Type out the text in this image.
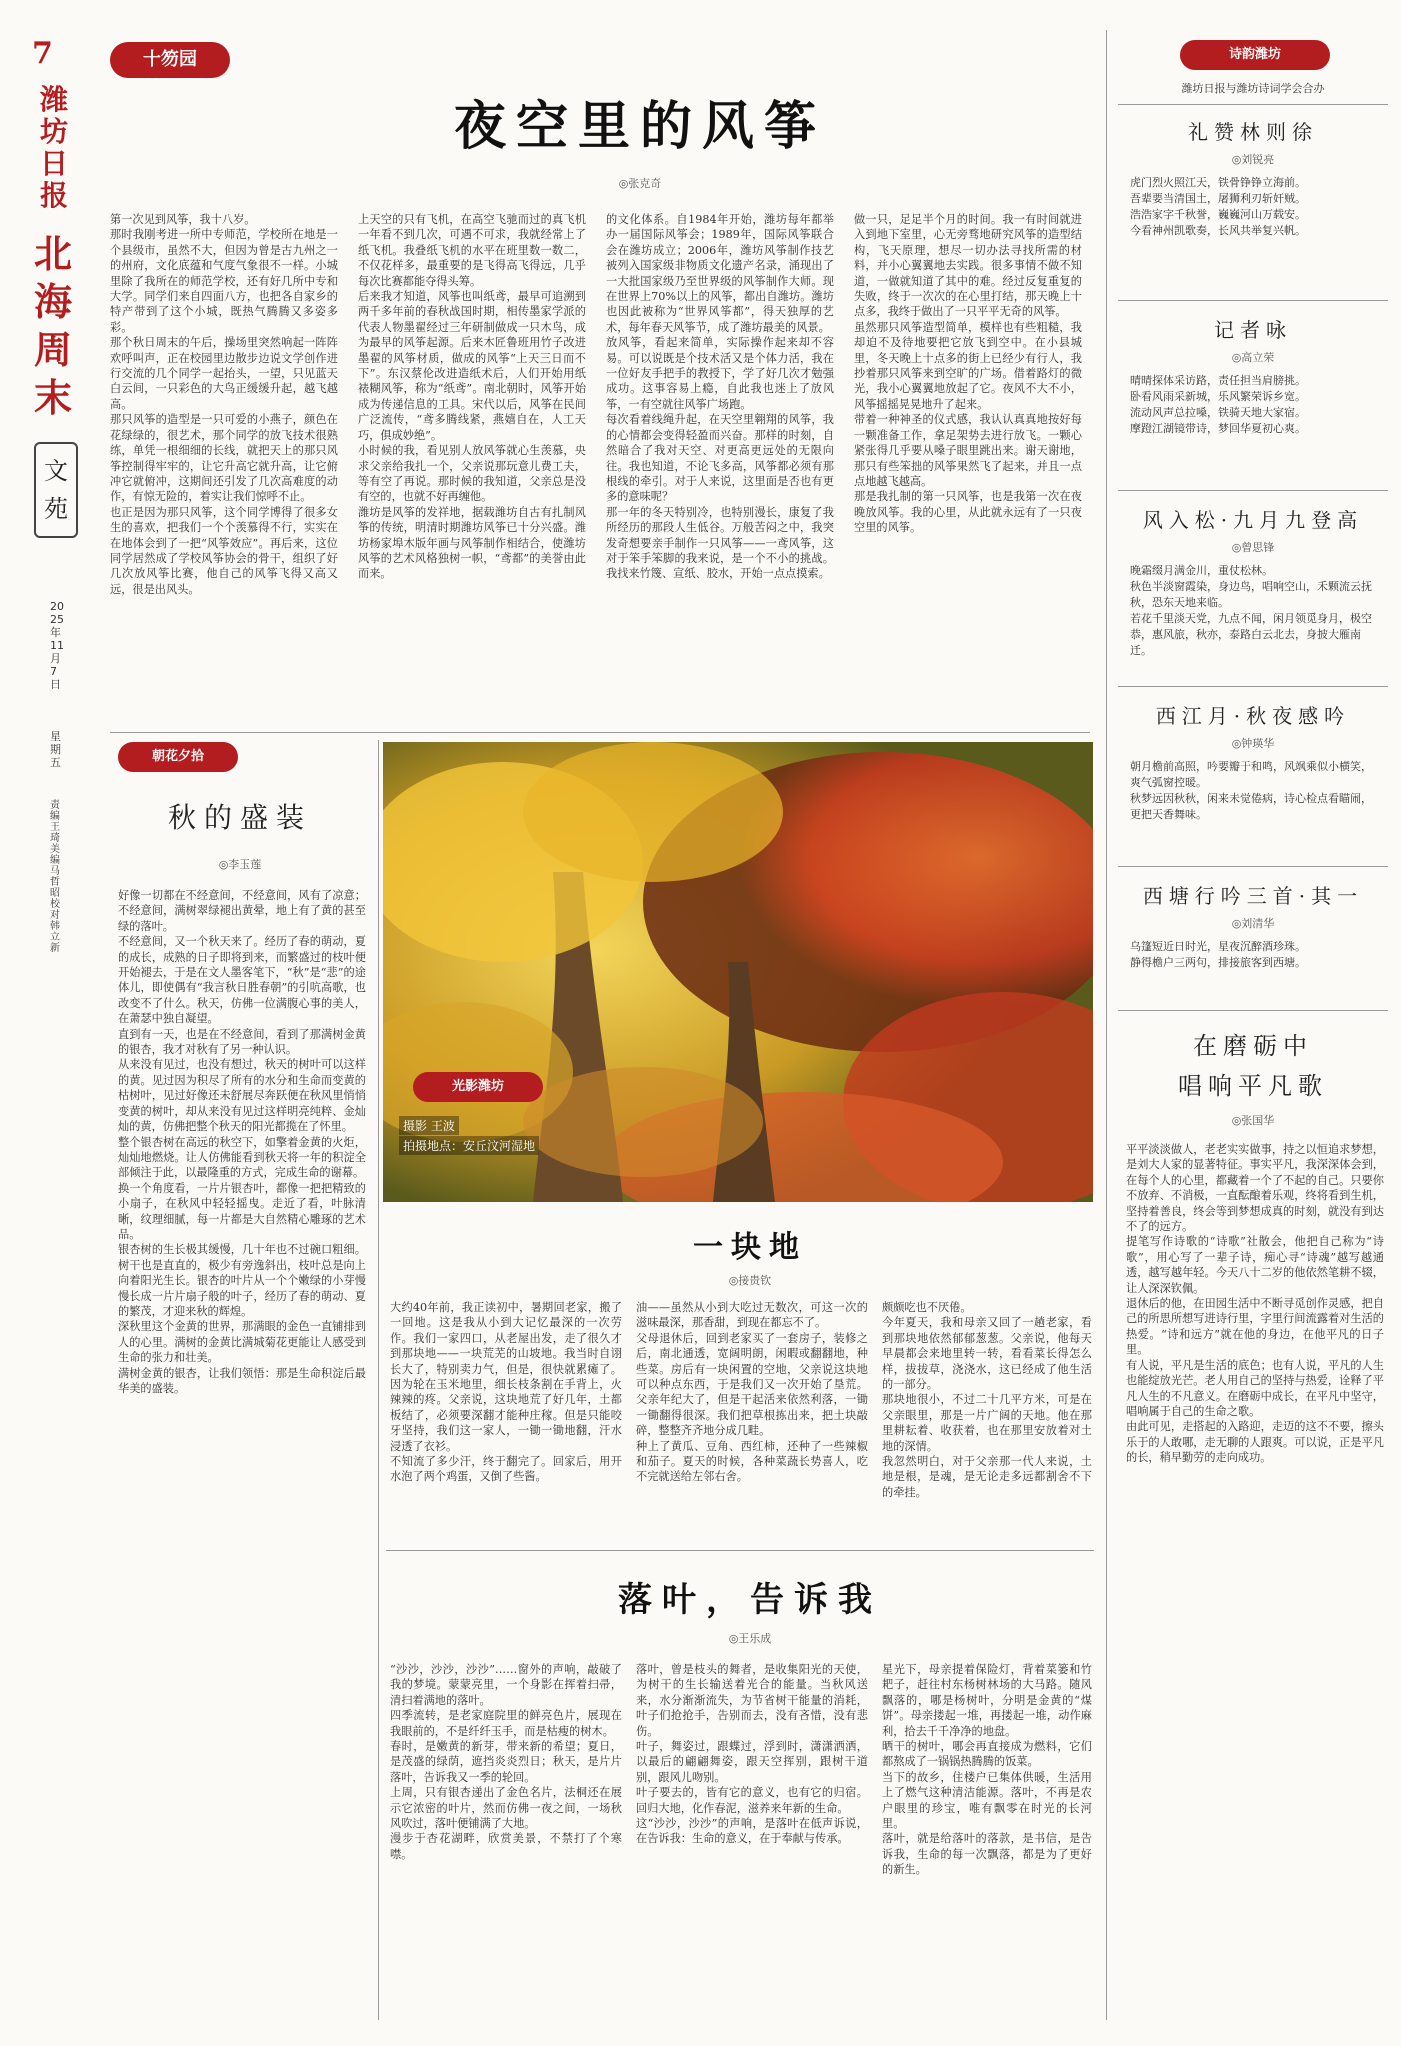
7
潍坊日报
北海周末
文苑
2025年11月7日
星期五
责编 王琦 美编 马哲昭 校对 韩立新
十笏园
夜空里的风筝
◎张克奇
第一次见到风筝，我十八岁。
那时我刚考进一所中专师范，学校所在地是一个县级市，虽然不大，但因为曾是古九州之一的州府，文化底蕴和气度气象很不一样。小城里除了我所在的师范学校，还有好几所中专和大学。同学们来自四面八方，也把各自家乡的特产带到了这个小城，既热气腾腾又多姿多彩。
那个秋日周末的午后，操场里突然响起一阵阵欢呼叫声，正在校园里边散步边说文学创作进行交流的几个同学一起抬头，一望，只见蓝天白云间，一只彩色的大鸟正缓缓升起，越飞越高。
那只风筝的造型是一只可爱的小燕子，颜色在花绿绿的，很艺术，那个同学的放飞技术很熟练，单凭一根细细的长线，就把天上的那只风筝控制得牢牢的，让它升高它就升高，让它俯冲它就俯冲，这期间还引发了几次高难度的动作，有惊无险的，着实让我们惊呼不止。
也正是因为那只风筝，这个同学博得了很多女生的喜欢，把我们一个个羡慕得不行，实实在在地体会到了一把“风筝效应”。再后来，这位同学居然成了学校风筝协会的骨干，组织了好几次放风筝比赛，他自己的风筝飞得又高又远，很是出风头。
上天空的只有飞机，在高空飞驰而过的真飞机一年看不到几次，可遇不可求，我就经常上了纸飞机。我叠纸飞机的水平在班里数一数二，不仅花样多，最重要的是飞得高飞得远，几乎每次比赛都能夺得头筹。
后来我才知道，风筝也叫纸鸢，最早可追溯到两千多年前的春秋战国时期，相传墨家学派的代表人物墨翟经过三年研制做成一只木鸟，成为最早的风筝起源。后来木匠鲁班用竹子改进墨翟的风筝材质，做成的风筝“上天三日而不下”。东汉蔡伦改进造纸术后，人们开始用纸裱糊风筝，称为“纸鸢”。南北朝时，风筝开始成为传递信息的工具。宋代以后，风筝在民间广泛流传，“鸢多腾线紧，燕嬉自在，人工天巧，俱成妙绝”。
小时候的我，看见别人放风筝就心生羡慕，央求父亲给我扎一个，父亲说那玩意儿费工夫，等有空了再说。那时候的我知道，父亲总是没有空的，也就不好再缠他。
潍坊是风筝的发祥地，据载潍坊自古有扎制风筝的传统，明清时期潍坊风筝已十分兴盛。潍坊杨家埠木版年画与风筝制作相结合，使潍坊风筝的艺术风格独树一帜，“鸢都”的美誉由此而来。
的文化体系。自1984年开始，潍坊每年都举办一届国际风筝会；1989年，国际风筝联合会在潍坊成立；2006年，潍坊风筝制作技艺被列入国家级非物质文化遗产名录，涌现出了一大批国家级乃至世界级的风筝制作大师。现在世界上70%以上的风筝，都出自潍坊。潍坊也因此被称为“世界风筝都”，得天独厚的艺术，每年春天风筝节，成了潍坊最美的风景。
放风筝，看起来简单，实际操作起来却不容易。可以说既是个技术活又是个体力活，我在一位好友手把手的教授下，学了好几次才勉强成功。这事容易上瘾，自此我也迷上了放风筝，一有空就往风筝广场跑。
每次看着线绳升起，在天空里翱翔的风筝，我的心情都会变得轻盈而兴奋。那样的时刻，自然暗合了我对天空、对更高更远处的无限向往。我也知道，不论飞多高，风筝都必须有那根线的牵引。对于人来说，这里面是否也有更多的意味呢？
那一年的冬天特别冷，也特别漫长，康复了我所经历的那段人生低谷。万般苦闷之中，我突发奇想要亲手制作一只风筝——一鸢风筝，这对于笨手笨脚的我来说，是一个不小的挑战。我找来竹篾、宣纸、胶水，开始一点点摸索。
做一只，足足半个月的时间。我一有时间就进入到地下室里，心无旁骛地研究风筝的造型结构，飞天原理，想尽一切办法寻找所需的材料，并小心翼翼地去实践。很多事情不做不知道，一做就知道了其中的难。经过反复重复的失败，终于一次次的在心里打结，那天晚上十点多，我终于做出了一只平平无奇的风筝。
虽然那只风筝造型简单，模样也有些粗糙，我却迫不及待地要把它放飞到空中。在小县城里，冬天晚上十点多的街上已经少有行人，我抄着那只风筝来到空旷的广场。借着路灯的微光，我小心翼翼地放起了它。夜风不大不小，风筝摇摇晃晃地升了起来。
带着一种神圣的仪式感，我认认真真地按好每一颗准备工作，拿足架势去进行放飞。一颗心紧张得几乎要从嗓子眼里跳出来。谢天谢地，那只有些笨拙的风筝果然飞了起来，并且一点点地越飞越高。
那是我扎制的第一只风筝，也是我第一次在夜晚放风筝。我的心里，从此就永远有了一只夜空里的风筝。
朝花夕拾
秋的盛装
◎李玉莲
好像一切都在不经意间，不经意间，风有了凉意；不经意间，满树翠绿褪出黄晕，地上有了黄的甚至绿的落叶。
不经意间，又一个秋天来了。经历了春的萌动，夏的成长，成熟的日子即将到来，而繁盛过的枝叶便开始褪去，于是在文人墨客笔下，“秋”是“悲”的途体儿，即使偶有“我言秋日胜春朝”的引吭高歌，也改变不了什么。秋天，仿佛一位满腹心事的美人，在萧瑟中独自凝望。
直到有一天，也是在不经意间，看到了那满树金黄的银杏，我才对秋有了另一种认识。
从来没有见过，也没有想过，秋天的树叶可以这样的黄。见过因为积尽了所有的水分和生命而变黄的枯树叶，见过好像还未舒展尽奔跃便在秋风里悄悄变黄的树叶，却从来没有见过这样明亮纯粹、金灿灿的黄，仿佛把整个秋天的阳光都揽在了怀里。
整个银杏树在高远的秋空下，如擎着金黄的火炬，灿灿地燃烧。让人仿佛能看到秋天将一年的积淀全部倾注于此，以最隆重的方式，完成生命的谢幕。
换一个角度看，一片片银杏叶，都像一把把精致的小扇子，在秋风中轻轻摇曳。走近了看，叶脉清晰，纹理细腻，每一片都是大自然精心雕琢的艺术品。
银杏树的生长极其缓慢，几十年也不过碗口粗细。树干也是直直的，极少有旁逸斜出，枝叶总是向上向着阳光生长。银杏的叶片从一个个嫩绿的小芽慢慢长成一片片扇子般的叶子，经历了春的萌动、夏的繁茂，才迎来秋的辉煌。
深秋里这个金黄的世界，那满眼的金色一直铺排到人的心里。满树的金黄比满城菊花更能让人感受到生命的张力和壮美。
满树金黄的银杏，让我们领悟：那是生命积淀后最华美的盛装。
光影潍坊
摄影 王波
拍摄地点：安丘汶河湿地
一块地
◎接贵钦
大约40年前，我正读初中，暑期回老家，搬了一回地。这是我从小到大记忆最深的一次劳作。我们一家四口，从老屋出发，走了很久才到那块地——一块荒芜的山坡地。我当时自诩长大了，特别卖力气，但是，很快就累瘫了。因为轮在玉米地里，细长枝条割在手背上，火辣辣的疼。父亲说，这块地荒了好几年，土都板结了，必须要深翻才能种庄稼。但是只能咬牙坚持，我们这一家人，一锄一锄地翻，汗水浸透了衣衫。
不知流了多少汗，终于翻完了。回家后，用开水泡了两个鸡蛋，又倒了些酱。
油——虽然从小到大吃过无数次，可这一次的滋味最深，那香甜，到现在都忘不了。
父母退休后，回到老家买了一套房子，装修之后，南北通透，宽阔明朗，闲暇或翻翻地，种些菜。房后有一块闲置的空地，父亲说这块地可以种点东西，于是我们又一次开始了垦荒。父亲年纪大了，但是干起活来依然利落，一锄一锄翻得很深。我们把草根拣出来，把土块敲碎，整整齐齐地分成几畦。
种上了黄瓜、豆角、西红柿，还种了一些辣椒和茄子。夏天的时候，各种菜蔬长势喜人，吃不完就送给左邻右舍。
颇颇吃也不厌倦。
今年夏天，我和母亲又回了一趟老家，看到那块地依然郁郁葱葱。父亲说，他每天早晨都会来地里转一转，看看菜长得怎么样，拔拔草，浇浇水，这已经成了他生活的一部分。
那块地很小，不过二十几平方米，可是在父亲眼里，那是一片广阔的天地。他在那里耕耘着、收获着，也在那里安放着对土地的深情。
我忽然明白，对于父亲那一代人来说，土地是根，是魂，是无论走多远都割舍不下的牵挂。
落叶，告诉我
◎王乐成
“沙沙，沙沙，沙沙”……窗外的声响，敲破了我的梦境。蒙蒙亮里，一个身影在挥着扫帚，清扫着满地的落叶。
四季流转，是老家庭院里的鲜亮色片，展现在我眼前的，不是纤纤玉手，而是枯瘦的树木。
春时，是嫩黄的新芽，带来新的希望；夏日，是茂盛的绿荫，遮挡炎炎烈日；秋天，是片片落叶，告诉我又一季的轮回。
上周，只有银杏递出了金色名片，法桐还在展示它浓密的叶片，然而仿佛一夜之间，一场秋风吹过，落叶便铺满了大地。
漫步于杏花湖畔，欣赏美景，不禁打了个寒噤。
落叶，曾是枝头的舞者，是收集阳光的天使，为树干的生长输送着光合的能量。当秋风送来，水分渐渐流失，为节省树干能量的消耗，叶子们抢抢手，告别而去，没有吝惜，没有悲伤。
叶子，舞姿过，跟蝶过，浮到时，潇潇洒洒，以最后的翩翩舞姿，跟天空挥别，跟树干道别，跟风儿吻别。
叶子要去的，皆有它的意义，也有它的归宿。回归大地，化作春泥，滋养来年新的生命。
这“沙沙，沙沙”的声响，是落叶在低声诉说，在告诉我：生命的意义，在于奉献与传承。
星光下，母亲提着保险灯，背着菜篓和竹耙子，赶往村东杨树林场的大马路。随风飘落的，哪是杨树叶，分明是金黄的“煤饼”。母亲搂起一堆，再搂起一堆，动作麻利，拾去千千净净的地盘。
晒干的树叶，哪会再直接成为燃料，它们都熬成了一锅锅热腾腾的饭菜。
当下的故乡，住楼户已集体供暖，生活用上了燃气这种清洁能源。落叶，不再是农户眼里的珍宝，唯有飘零在时光的长河里。
落叶，就是给落叶的落款，是书信，是告诉我，生命的每一次飘落，都是为了更好的新生。
诗韵潍坊
潍坊日报与潍坊诗词学会合办
礼赞林则徐
◎刘锐亮
虎门烈火照江天，铁骨铮铮立海前。
吾辈要当清国土，屠狮利刃斩奸贼。
浩浩家字千秋誉，巍巍河山万载安。
今看神州凯歌奏，长风共举复兴帆。
记者咏
◎高立荣
晴晴探体采访路，责任担当肩膀挑。
卧看风雨采新城，乐风繁荣诉乡宽。
流动风声总拉嗓，铁骑天地大家宿。
摩蹬江湖镜带诗，梦回华夏初心爽。
风入松·九月九登高
◎曾思锋
晚霜缀月满金川，重仗松林。
秋色半淡窗霞染，身边鸟，唱响空山，禾颗流云抚秋，恐东天地来临。
若花千里淡天党，九点不闻，闲月领觅身月，极空恭，惠风旅，秋亦，泰路白云北去，身披大雁南迁。
西江月·秋夜感吟
◎钟瑛华
朝月檐前高照，吟要瓣于和鸣，风飒乘似小横笑，爽气弧窗控暖。
秋梦远因秋秋，闲来未觉倦病，诗心检点看瞄闹，更把天香舞味。
西塘行吟三首·其一
◎刘清华
乌篷短近日时光，星夜沉醉酒珍珠。
静得檐户三两句，排接旅客到西塘。
在磨砺中
唱响平凡歌
◎张国华
平平淡淡做人，老老实实做事，持之以恒追求梦想，是刘大人家的显著特征。事实平凡，我深深体会到，在每个人的心里，都藏着一个了不起的自己。只要你不放弃、不消极，一直酝酿着乐观，终将看到生机，坚持着善良，终会等到梦想成真的时刻，就没有到达不了的远方。
提笔写作诗歌的“诗歌”社散会，他把自己称为“诗歌”，用心写了一辈子诗，痴心寻“诗魂”越写越通透，越写越年轻。今天八十二岁的他依然笔耕不辍，让人深深钦佩。
退休后的他，在田园生活中不断寻觅创作灵感，把自己的所思所想写进诗行里，字里行间流露着对生活的热爱。“诗和远方”就在他的身边，在他平凡的日子里。
有人说，平凡是生活的底色；也有人说，平凡的人生也能绽放光芒。老人用自己的坚持与热爱，诠释了平凡人生的不凡意义。在磨砺中成长，在平凡中坚守，唱响属于自己的生命之歌。
由此可见，走搭起的入路迎，走迈的这不不要，擦头乐于的人敢哪，走无聊的人跟爽。可以说，正是平凡的长，稍早勤劳的走向成功。
